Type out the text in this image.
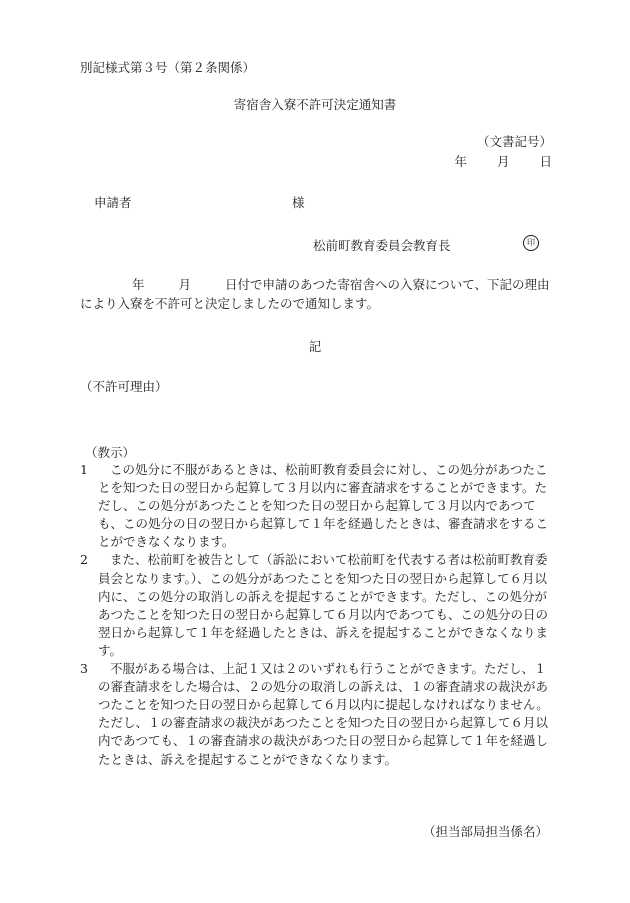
別記様式第３号（第２条関係）
寄宿舎入寮不許可決定通知書
（文書記号）
年 月 日
申請者	様
松前町教育委員会教育長	印
年	月	日付で申請のあつた寄宿舎への入寮について、下記の理由により入寮を不許可と決定しましたので通知します。
記
（不許可理由）
（教示）
1	この処分に不服があるときは、松前町教育委員会に対し、この処分があつたことを知つた日の翌日から起算して３月以内に審査請求をすることができます。ただし、この処分があつたことを知つた日の翌日から起算して３月以内であつても、この処分の日の翌日から起算して１年を経過したときは、審査請求をすることができなくなります。
2	また、松前町を被告として（訴訟において松前町を代表する者は松前町教育委員会となります。）、この処分があつたことを知つた日の翌日から起算して６月以内に、この処分の取消しの訴えを提起することができます。ただし、この処分があつたことを知つた日の翌日から起算して６月以内であつても、この処分の日の翌日から起算して１年を経過したときは、訴えを提起することができなくなります。
3	不服がある場合は、上記１又は２のいずれも行うことができます。ただし、１の審査請求をした場合は、２の処分の取消しの訴えは、１の審査請求の裁決があつたことを知つた日の翌日から起算して６月以内に提起しなければなりません。ただし、１の審査請求の裁決があつたことを知つた日の翌日から起算して６月以内であつても、１の審査請求の裁決があつた日の翌日から起算して１年を経過したときは、訴えを提起することができなくなります。
（担当部局担当係名）
